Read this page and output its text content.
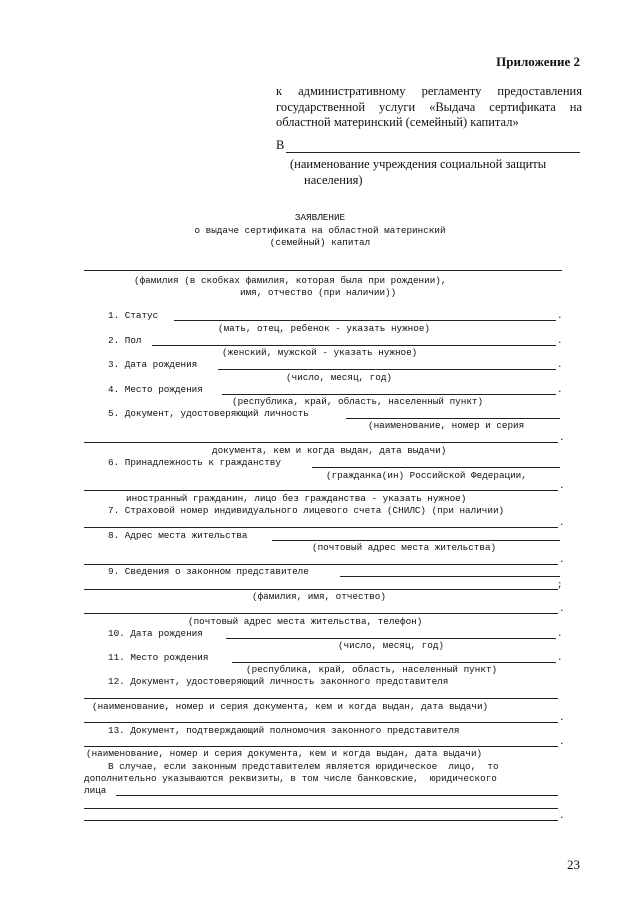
Приложение 2
к административному регламенту предоставления
государственной услуги «Выдача сертификата на
областной материнский (семейный) капитал»
В
(наименование учреждения социальной защиты
населения)
ЗАЯВЛЕНИЕ
о выдаче сертификата на областной материнский
(семейный) капитал
(фамилия (в скобках фамилия, которая была при рождении),
имя, отчество (при наличии))
1. Статус	.
(мать, отец, ребенок - указать нужное)
2. Пол	.
(женский, мужской - указать нужное)
3. Дата рождения	.
(число, месяц, год)
4. Место рождения	.
(республика, край, область, населенный пункт)
5. Документ, удостоверяющий личность
(наименование, номер и серия
.
документа, кем и когда выдан, дата выдачи)
6. Принадлежность к гражданству
(гражданка(ин) Российской Федерации,
.
иностранный гражданин, лицо без гражданства - указать нужное)
7. Страховой номер индивидуального лицевого счета (СНИЛС) (при наличии)
.
8. Адрес места жительства
(почтовый адрес места жительства)
.
9. Сведения о законном представителе
;
(фамилия, имя, отчество)
.
(почтовый адрес места жительства, телефон)
10. Дата рождения	.
(число, месяц, год)
11. Место рождения	.
(республика, край, область, населенный пункт)
12. Документ, удостоверяющий личность законного представителя
(наименование, номер и серия документа, кем и когда выдан, дата выдачи)
.
13. Документ, подтверждающий полномочия законного представителя
.
(наименование, номер и серия документа, кем и когда выдан, дата выдачи)
В случае, если законным представителем является юридическое  лицо,  то
дополнительно указываются реквизиты, в том числе банковские,  юридического
лица
.
23
